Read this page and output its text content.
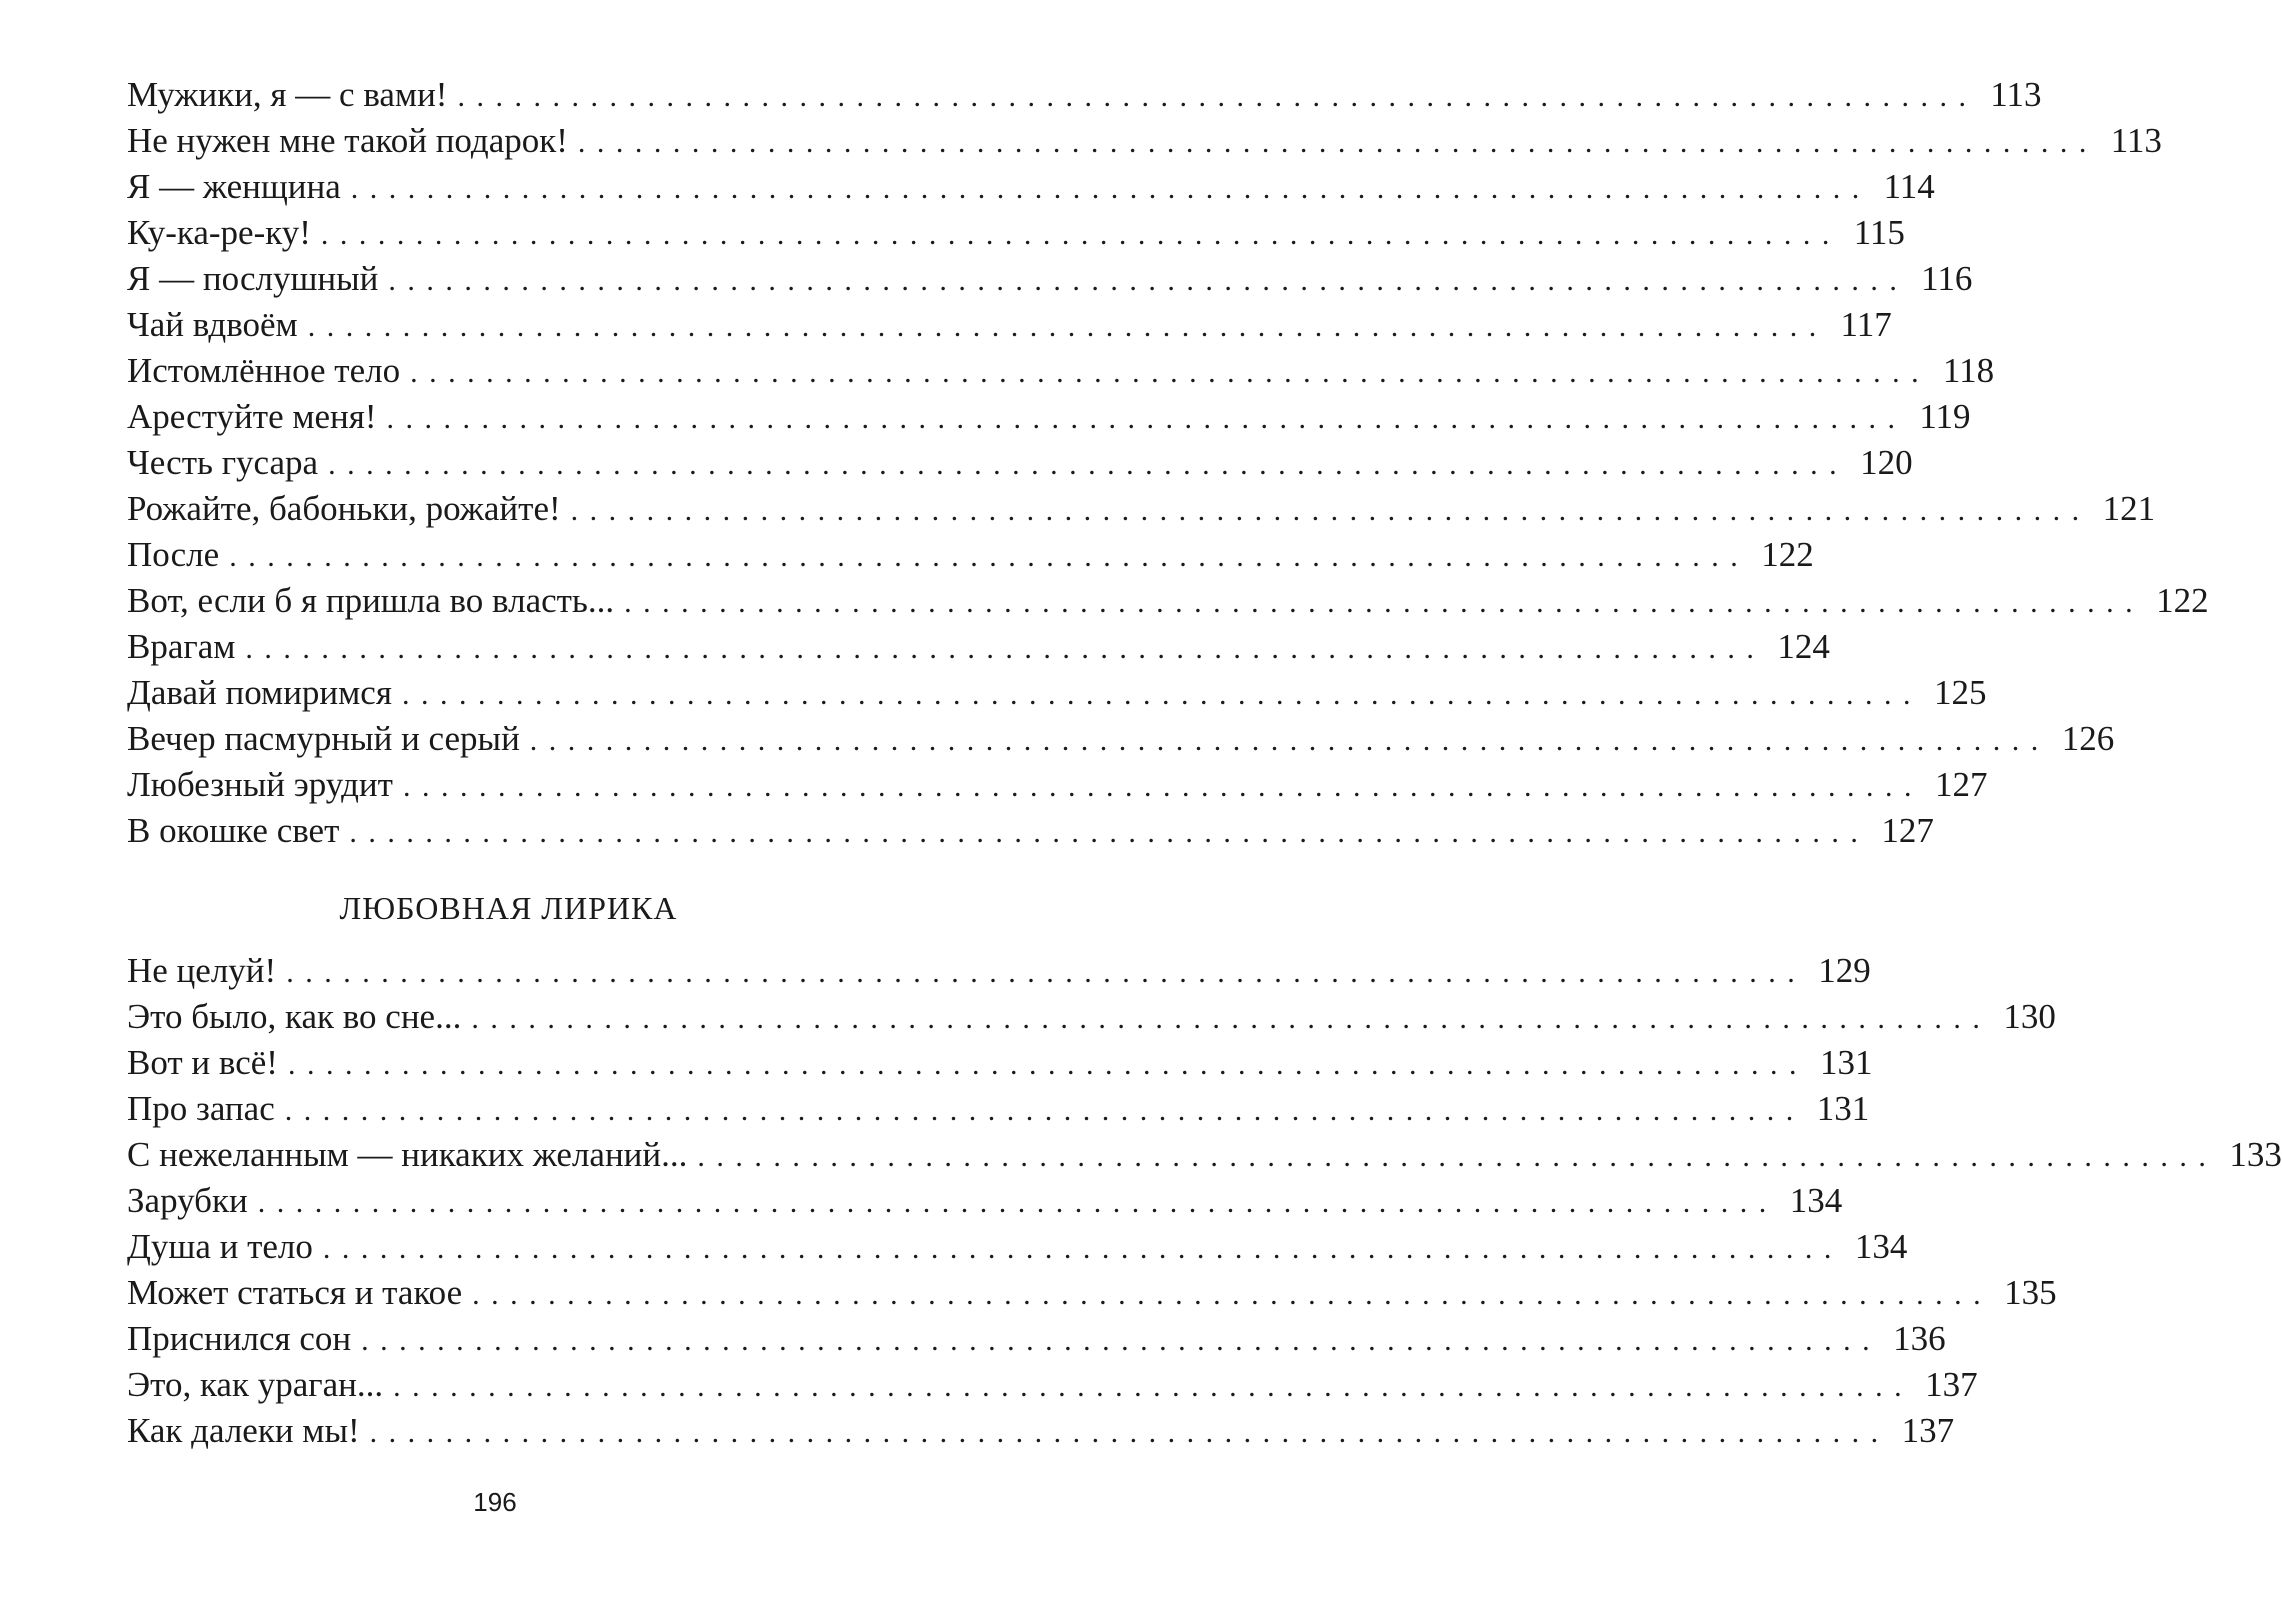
Мужики, я — с вами! ................................................................................ 113
Не нужен мне такой подарок! ................................................................................ 113
Я — женщина ................................................................................ 114
Ку-ка-ре-ку! ................................................................................ 115
Я — послушный ................................................................................ 116
Чай вдвоём ................................................................................ 117
Истомлённое тело ................................................................................ 118
Арестуйте меня! ................................................................................ 119
Честь гусара ................................................................................ 120
Рожайте, бабоньки, рожайте! ................................................................................ 121
После ................................................................................ 122
Вот, если б я пришла во власть... ................................................................................ 122
Врагам ................................................................................ 124
Давай помиримся ................................................................................ 125
Вечер пасмурный и серый ................................................................................ 126
Любезный эрудит ................................................................................ 127
В окошке свет ................................................................................ 127
ЛЮБОВНАЯ ЛИРИКА
Не целуй! ................................................................................ 129
Это было, как во сне... ................................................................................ 130
Вот и всё! ................................................................................ 131
Про запас ................................................................................ 131
С нежеланным — никаких желаний... ................................................................................ 133
Зарубки ................................................................................ 134
Душа и тело ................................................................................ 134
Может статься и такое ................................................................................ 135
Приснился сон ................................................................................ 136
Это, как ураган... ................................................................................ 137
Как далеки мы! ................................................................................ 137
196
